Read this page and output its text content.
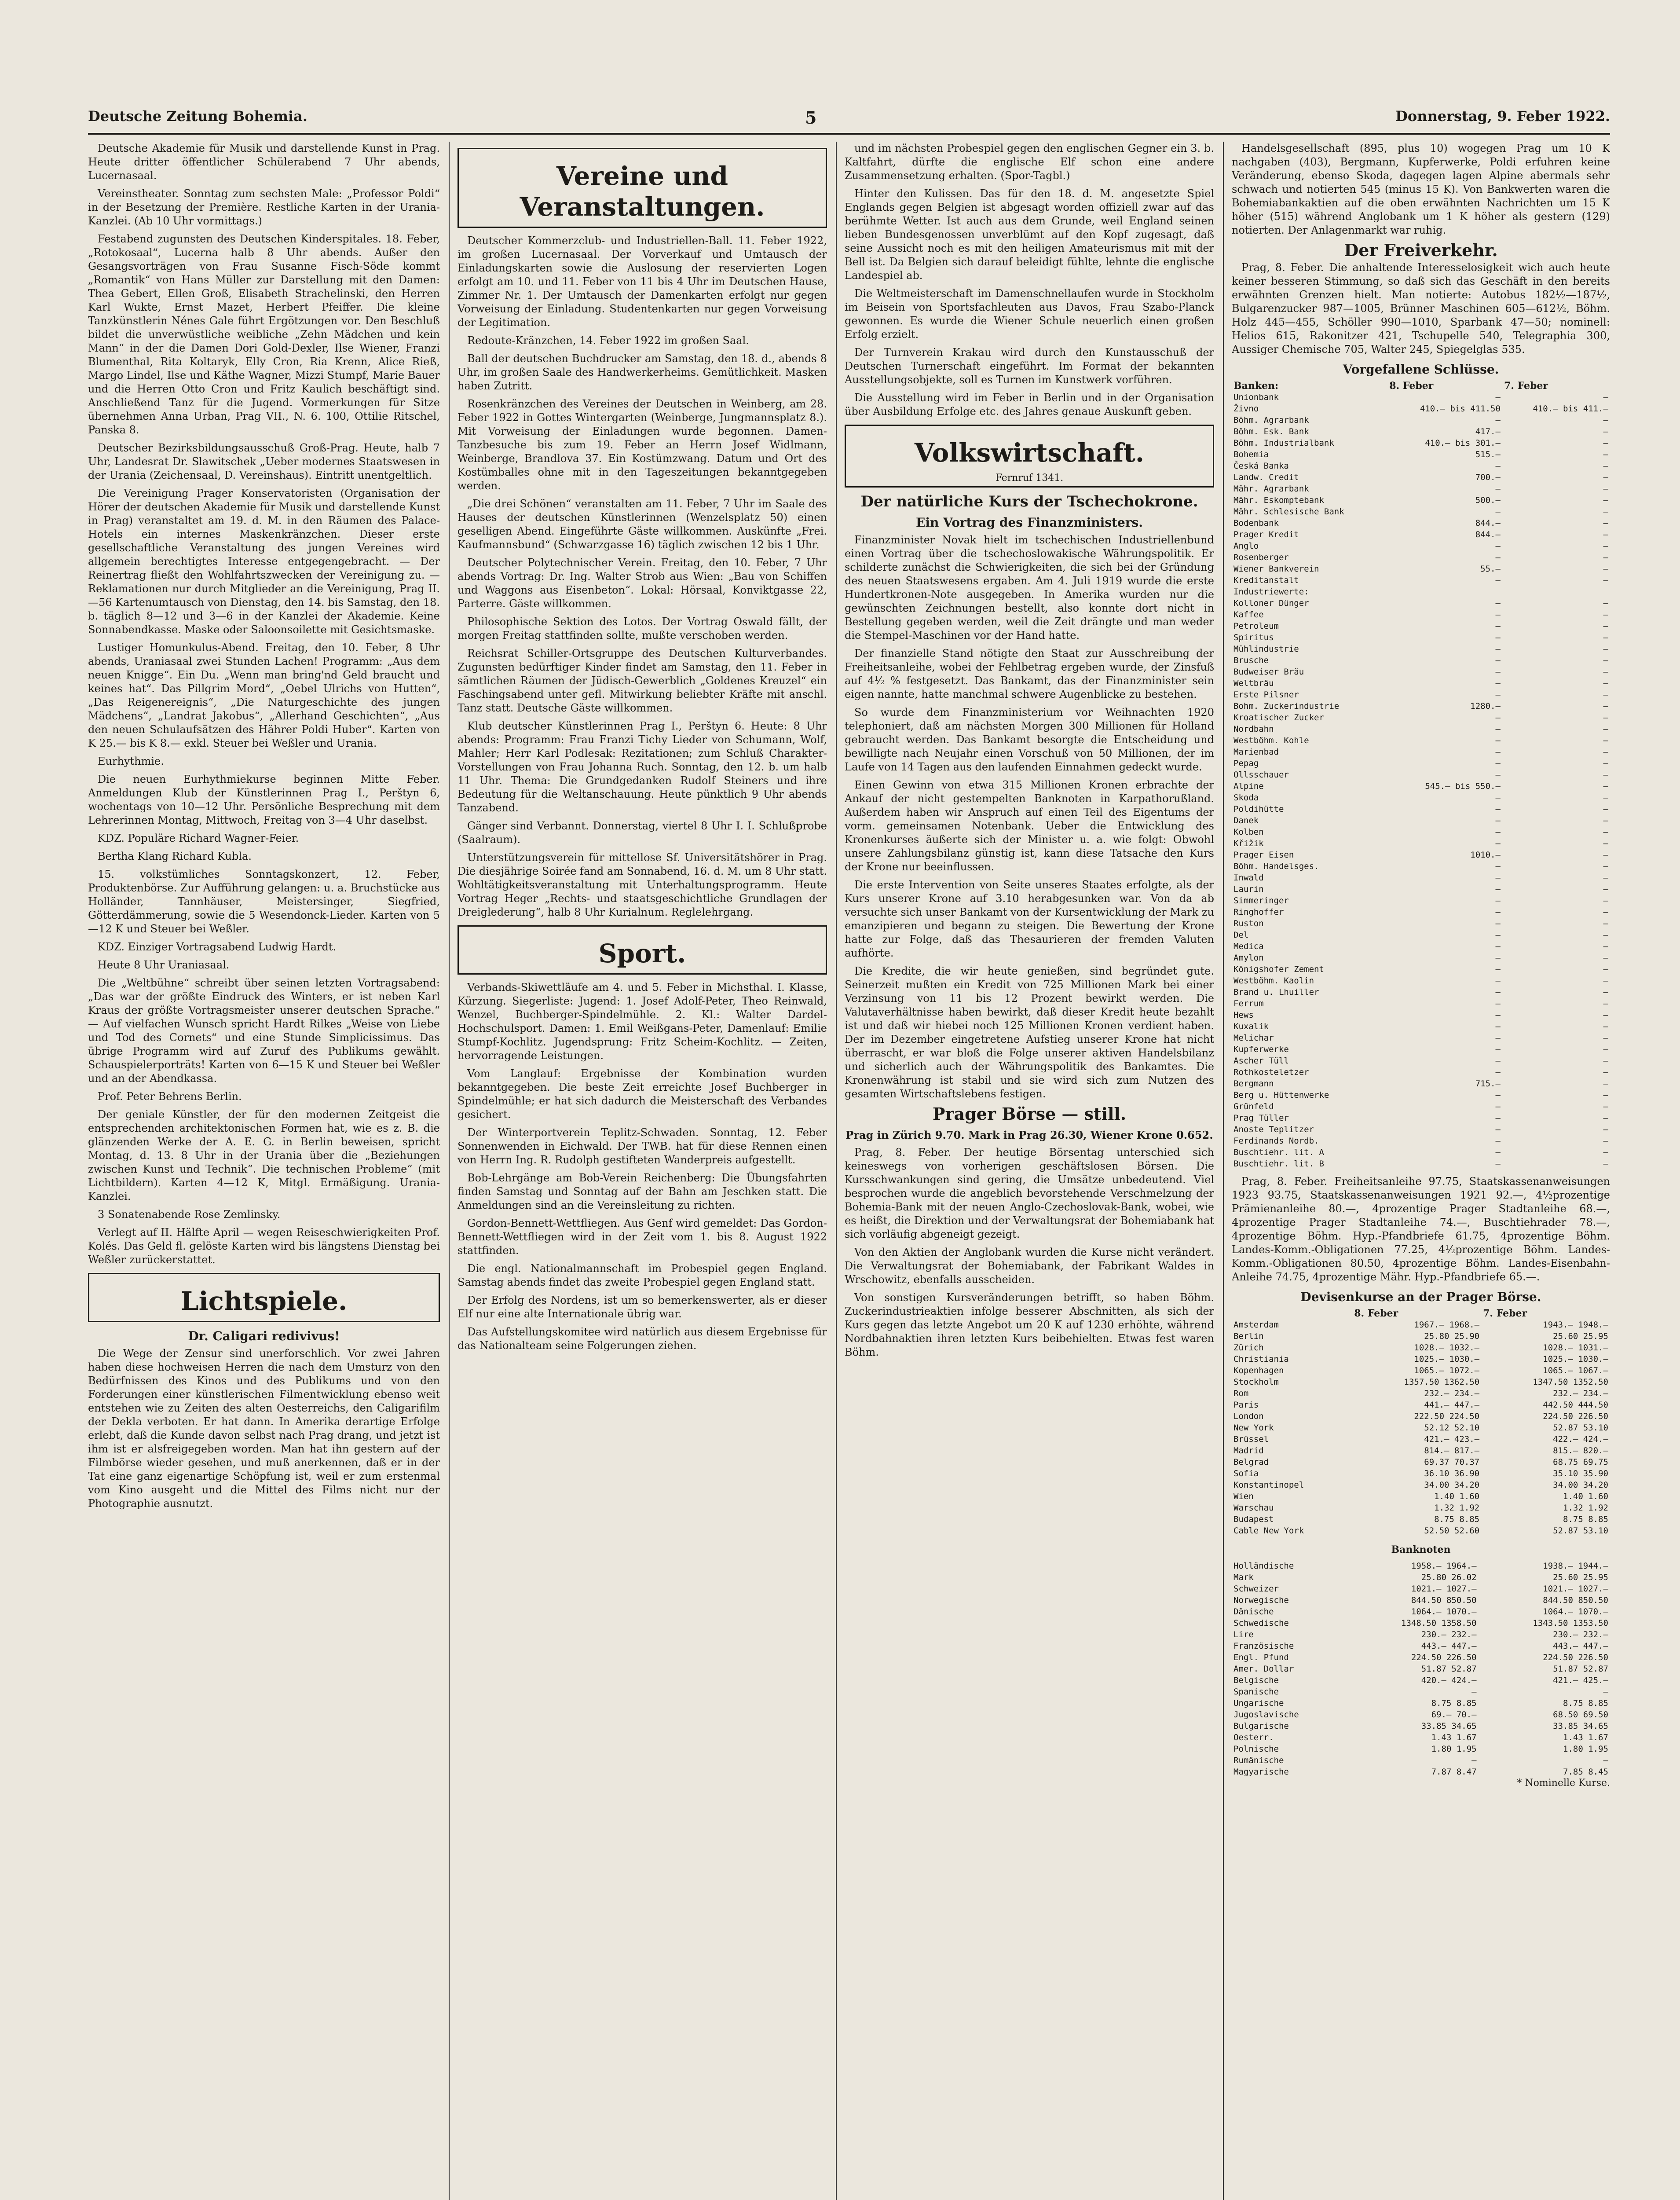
Deutsche Zeitung Bohemia.	5	Donnerstag, 9. Feber 1922.

Deutsche Akademie für Musik und darstellende Kunst in Prag. Heute dritter öffentlicher Schülerabend 7 Uhr abends, Lucernasaal.

Vereinstheater. Sonntag zum sechsten Male: „Professor Poldi“ in der Besetzung der Première. Restliche Karten in der Urania-Kanzlei. (Ab 10 Uhr vormittags.)

Festabend zugunsten des Deutschen Kinderspitales. 18. Feber, „Rotokosaal“, Lucerna halb 8 Uhr abends. Außer den Gesangsvorträgen von Frau Susanne Fisch-Söde kommt „Romantik“ von Hans Müller zur Darstellung mit den Damen: Thea Gebert, Ellen Groß, Elisabeth Strachelinski, den Herren Karl Wukte, Ernst Mazet, Herbert Pfeiffer. Die kleine Tanzkünstlerin Nénes Gale führt Ergötzungen vor. Den Beschluß bildet die unverwüstliche weibliche „Zehn Mädchen und kein Mann“ in der die Damen Dori Gold-Dexler, Ilse Wiener, Franzi Blumenthal, Rita Koltaryk, Elly Cron, Ria Krenn, Alice Rieß, Margo Lindel, Ilse und Käthe Wagner, Mizzi Stumpf, Marie Bauer und die Herren Otto Cron und Fritz Kaulich beschäftigt sind. Anschließend Tanz für die Jugend. Vormerkungen für Sitze übernehmen Anna Urban, Prag VII., N. 6. 100, Ottilie Ritschel, Panska 8.

Deutscher Bezirksbildungsausschuß Groß-Prag. Heute, halb 7 Uhr, Landesrat Dr. Slawitschek „Ueber modernes Staatswesen in der Urania (Zeichensaal, D. Vereinshaus). Eintritt unentgeltlich.

Die Vereinigung Prager Konservatoristen (Organisation der Hörer der deutschen Akademie für Musik und darstellende Kunst in Prag) veranstaltet am 19. d. M. in den Räumen des Palace-Hotels ein internes Maskenkränzchen. Dieser erste gesellschaftliche Veranstaltung des jungen Vereines wird allgemein berechtigtes Interesse entgegengebracht. — Der Reinertrag fließt den Wohlfahrtszwecken der Vereinigung zu. — Reklamationen nur durch Mitglieder an die Vereinigung, Prag II.—56 Kartenumtausch von Dienstag, den 14. bis Samstag, den 18. b. täglich 8—12 und 3—6 in der Kanzlei der Akademie. Keine Sonnabendkasse. Maske oder Saloonsoilette mit Gesichtsmaske.

Lustiger Homunkulus-Abend. Freitag, den 10. Feber, 8 Uhr abends, Uraniasaal zwei Stunden Lachen! Programm: „Aus dem neuen Knigge“. Ein Du. „Wenn man bring'nd Geld braucht und keines hat“. Das Pillgrim Mord“, „Oebel Ulrichs von Hutten“, „Das Reigenereignis“, „Die Naturgeschichte des jungen Mädchens“, „Landrat Jakobus“, „Allerhand Geschichten“, „Aus den neuen Schulaufsätzen des Hährer Poldi Huber“. Karten von K 25.— bis K 8.— exkl. Steuer bei Weßler und Urania.

Eurhythmie.

Die neuen Eurhythmiekurse beginnen Mitte Feber. Anmeldungen Klub der Künstlerinnen Prag I., Perštyn 6, wochentags von 10—12 Uhr. Persönliche Besprechung mit dem Lehrerinnen Montag, Mittwoch, Freitag von 3—4 Uhr daselbst.

KDZ. Populäre Richard Wagner-Feier.

Bertha Klang Richard Kubla.

15. volkstümliches Sonntagskonzert, 12. Feber, Produktenbörse. Zur Aufführung gelangen: u. a. Bruchstücke aus Holländer, Tannhäuser, Meistersinger, Siegfried, Götterdämmerung, sowie die 5 Wesendonck-Lieder. Karten von 5—12 K und Steuer bei Weßler.

KDZ. Einziger Vortragsabend Ludwig Hardt.

Heute 8 Uhr Uraniasaal.

Die „Weltbühne“ schreibt über seinen letzten Vortragsabend: „Das war der größte Eindruck des Winters, er ist neben Karl Kraus der größte Vortragsmeister unserer deutschen Sprache.“ — Auf vielfachen Wunsch spricht Hardt Rilkes „Weise von Liebe und Tod des Cornets“ und eine Stunde Simplicissimus. Das übrige Programm wird auf Zuruf des Publikums gewählt. Schauspielerporträts! Karten von 6—15 K und Steuer bei Weßler und an der Abendkassa.

Prof. Peter Behrens Berlin.

Der geniale Künstler, der für den modernen Zeitgeist die entsprechenden architektonischen Formen hat, wie es z. B. die glänzenden Werke der A. E. G. in Berlin beweisen, spricht Montag, d. 13. 8 Uhr in der Urania über die „Beziehungen zwischen Kunst und Technik“. Die technischen Probleme“ (mit Lichtbildern). Karten 4—12 K, Mitgl. Ermäßigung. Urania-Kanzlei.

3 Sonatenabende Rose Zemlinsky.

Verlegt auf II. Hälfte April — wegen Reiseschwierigkeiten Prof. Kolés. Das Geld fl. gelöste Karten wird bis längstens Dienstag bei Weßler zurückerstattet.

Lichtspiele.
Dr. Caligari redivivus!

Die Wege der Zensur sind unerforschlich. Vor zwei Jahren haben diese hochweisen Herren die nach dem Umsturz von den Bedürfnissen des Kinos und des Publikums und von den Forderungen einer künstlerischen Filmentwicklung ebenso weit entstehen wie zu Zeiten des alten Oesterreichs, den Caligarifilm der Dekla verboten. Er hat dann. In Amerika derartige Erfolge erlebt, daß die Kunde davon selbst nach Prag drang, und jetzt ist ihm ist er alsfreigegeben worden. Man hat ihn gestern auf der Filmbörse wieder gesehen, und muß anerkennen, daß er in der Tat eine ganz eigenartige Schöpfung ist, weil er zum erstenmal vom Kino ausgeht und die Mittel des Films nicht nur der Photographie ausnutzt.

Vereine und Veranstaltungen.

Deutscher Kommerzclub- und Industriellen-Ball. 11. Feber 1922, im großen Lucernasaal. Der Vorverkauf und Umtausch der Einladungskarten sowie die Auslosung der reservierten Logen erfolgt am 10. und 11. Feber von 11 bis 4 Uhr im Deutschen Hause, Zimmer Nr. 1. Der Umtausch der Damenkarten erfolgt nur gegen Vorweisung der Einladung. Studentenkarten nur gegen Vorweisung der Legitimation.

Redoute-Kränzchen, 14. Feber 1922 im großen Saal.

Ball der deutschen Buchdrucker am Samstag, den 18. d., abends 8 Uhr, im großen Saale des Handwerkerheims. Gemütlichkeit. Masken haben Zutritt.

Rosenkränzchen des Vereines der Deutschen in Weinberg, am 28. Feber 1922 in Gottes Wintergarten (Weinberge, Jungmannsplatz 8.). Mit Vorweisung der Einladungen wurde begonnen. Damen-Tanzbesuche bis zum 19. Feber an Herrn Josef Widlmann, Weinberge, Brandlova 37. Ein Kostümzwang. Datum und Ort des Kostümballes ohne mit in den Tageszeitungen bekanntgegeben werden.

„Die drei Schönen“ veranstalten am 11. Feber, 7 Uhr im Saale des Hauses der deutschen Künstlerinnen (Wenzelsplatz 50) einen geselligen Abend. Eingeführte Gäste willkommen. Auskünfte „Frei. Kaufmannsbund“ (Schwarzgasse 16) täglich zwischen 12 bis 1 Uhr.

Deutscher Polytechnischer Verein. Freitag, den 10. Feber, 7 Uhr abends Vortrag: Dr. Ing. Walter Strob aus Wien: „Bau von Schiffen und Waggons aus Eisenbeton“. Lokal: Hörsaal, Konviktgasse 22, Parterre. Gäste willkommen.

Philosophische Sektion des Lotos. Der Vortrag Oswald fällt, der morgen Freitag stattfinden sollte, mußte verschoben werden.

Reichsrat Schiller-Ortsgruppe des Deutschen Kulturverbandes. Zugunsten bedürftiger Kinder findet am Samstag, den 11. Feber in sämtlichen Räumen der Jüdisch-Gewerblich „Goldenes Kreuzel“ ein Faschingsabend unter gefl. Mitwirkung beliebter Kräfte mit anschl. Tanz statt. Deutsche Gäste willkommen.

Klub deutscher Künstlerinnen Prag I., Perštyn 6. Heute: 8 Uhr abends: Programm: Frau Franzi Tichy Lieder von Schumann, Wolf, Mahler; Herr Karl Podlesak: Rezitationen; zum Schluß Charakter-Vorstellungen von Frau Johanna Ruch. Sonntag, den 12. b. um halb 11 Uhr. Thema: Die Grundgedanken Rudolf Steiners und ihre Bedeutung für die Weltanschauung. Heute pünktlich 9 Uhr abends Tanzabend.

Gänger sind Verbannt. Donnerstag, viertel 8 Uhr I. I. Schlußprobe (Saalraum).

Unterstützungsverein für mittellose Sf. Universitätshörer in Prag. Die diesjährige Soirée fand am Sonnabend, 16. d. M. um 8 Uhr statt. Wohltätigkeitsveranstaltung mit Unterhaltungsprogramm. Heute Vortrag Heger „Rechts- und staatsgeschichtliche Grundlagen der Dreiglederung“, halb 8 Uhr Kurialnum. Reglelehrgang.

Sport.

Verbands-Skiwettläufe am 4. und 5. Feber in Michsthal. I. Klasse, Kürzung. Siegerliste: Jugend: 1. Josef Adolf-Peter, Theo Reinwald, Wenzel, Buchberger-Spindelmühle. 2. Kl.: Walter Dardel-Hochschulsport. Damen: 1. Emil Weißgans-Peter, Damenlauf: Emilie Stumpf-Kochlitz. Jugendsprung: Fritz Scheim-Kochlitz. — Zeiten, hervorragende Leistungen.

Vom Langlauf: Ergebnisse der Kombination wurden bekanntgegeben. Die beste Zeit erreichte Josef Buchberger in Spindelmühle; er hat sich dadurch die Meisterschaft des Verbandes gesichert.

Der Winterportverein Teplitz-Schwaden. Sonntag, 12. Feber Sonnenwenden in Eichwald. Der TWB. hat für diese Rennen einen von Herrn Ing. R. Rudolph gestifteten Wanderpreis aufgestellt.

Bob-Lehrgänge am Bob-Verein Reichenberg: Die Übungsfahrten finden Samstag und Sonntag auf der Bahn am Jeschken statt. Die Anmeldungen sind an die Vereinsleitung zu richten.

Gordon-Bennett-Wettfliegen. Aus Genf wird gemeldet: Das Gordon-Bennett-Wettfliegen wird in der Zeit vom 1. bis 8. August 1922 stattfinden.

Die engl. Nationalmannschaft im Probespiel gegen England. Samstag abends findet das zweite Probespiel gegen England statt.

Der Erfolg des Nordens, ist um so bemerkenswerter, als er dieser Elf nur eine alte Internationale übrig war.

Das Aufstellungskomitee wird natürlich aus diesem Ergebnisse für das Nationalteam seine Folgerungen ziehen.

und im nächsten Probespiel gegen den englischen Gegner ein 3. b. Kaltfahrt, dürfte die englische Elf schon eine andere Zusammensetzung erhalten. (Spor-Tagbl.)

Hinter den Kulissen. Das für den 18. d. M. angesetzte Spiel Englands gegen Belgien ist abgesagt worden offiziell zwar auf das berühmte Wetter. Ist auch aus dem Grunde, weil England seinen lieben Bundesgenossen unverblümt auf den Kopf zugesagt, daß seine Aussicht noch es mit den heiligen Amateurismus mit mit der Bell ist. Da Belgien sich darauf beleidigt fühlte, lehnte die englische Landespiel ab.

Die Weltmeisterschaft im Damenschnellaufen wurde in Stockholm im Beisein von Sportsfachleuten aus Davos, Frau Szabo-Planck gewonnen. Es wurde die Wiener Schule neuerlich einen großen Erfolg erzielt.

Der Turnverein Krakau wird durch den Kunstausschuß der Deutschen Turnerschaft eingeführt. Im Format der bekannten Ausstellungsobjekte, soll es Turnen im Kunstwerk vorführen.

Die Ausstellung wird im Feber in Berlin und in der Organisation über Ausbildung Erfolge etc. des Jahres genaue Auskunft geben.

Volkswirtschaft.
Fernruf 1341.
Der natürliche Kurs der Tschechokrone.
Ein Vortrag des Finanzministers.

Finanzminister Novak hielt im tschechischen Industriellenbund einen Vortrag über die tschechoslowakische Währungspolitik. Er schilderte zunächst die Schwierigkeiten, die sich bei der Gründung des neuen Staatswesens ergaben. Am 4. Juli 1919 wurde die erste Hundertkronen-Note ausgegeben. In Amerika wurden nur die gewünschten Zeichnungen bestellt, also konnte dort nicht in Bestellung gegeben werden, weil die Zeit drängte und man weder die Stempel-Maschinen vor der Hand hatte.

Der finanzielle Stand nötigte den Staat zur Ausschreibung der Freiheitsanleihe, wobei der Fehlbetrag ergeben wurde, der Zinsfuß auf 4½ % festgesetzt. Das Bankamt, das der Finanzminister sein eigen nannte, hatte manchmal schwere Augenblicke zu bestehen.

So wurde dem Finanzministerium vor Weihnachten 1920 telephoniert, daß am nächsten Morgen 300 Millionen für Holland gebraucht werden. Das Bankamt besorgte die Entscheidung und bewilligte nach Neujahr einen Vorschuß von 50 Millionen, der im Laufe von 14 Tagen aus den laufenden Einnahmen gedeckt wurde.

Einen Gewinn von etwa 315 Millionen Kronen erbrachte der Ankauf der nicht gestempelten Banknoten in Karpathorußland. Außerdem haben wir Anspruch auf einen Teil des Eigentums der vorm. gemeinsamen Notenbank. Ueber die Entwicklung des Kronenkurses äußerte sich der Minister u. a. wie folgt: Obwohl unsere Zahlungsbilanz günstig ist, kann diese Tatsache den Kurs der Krone nur beeinflussen.

Die erste Intervention von Seite unseres Staates erfolgte, als der Kurs unserer Krone auf 3.10 herabgesunken war. Von da ab versuchte sich unser Bankamt von der Kursentwicklung der Mark zu emanzipieren und begann zu steigen. Die Bewertung der Krone hatte zur Folge, daß das Thesaurieren der fremden Valuten aufhörte.

Die Kredite, die wir heute genießen, sind begründet gute. Seinerzeit mußten ein Kredit von 725 Millionen Mark bei einer Verzinsung von 11 bis 12 Prozent bewirkt werden. Die Valutaverhältnisse haben bewirkt, daß dieser Kredit heute bezahlt ist und daß wir hiebei noch 125 Millionen Kronen verdient haben. Der im Dezember eingetretene Aufstieg unserer Krone hat nicht überrascht, er war bloß die Folge unserer aktiven Handelsbilanz und sicherlich auch der Währungspolitik des Bankamtes. Die Kronenwährung ist stabil und sie wird sich zum Nutzen des gesamten Wirtschaftslebens festigen.

Prager Börse — still.
Prag in Zürich 9.70. Mark in Prag 26.30, Wiener Krone 0.652.

Prag, 8. Feber. Der heutige Börsentag unterschied sich keineswegs von vorherigen geschäftslosen Börsen. Die Kursschwankungen sind gering, die Umsätze unbedeutend. Viel besprochen wurde die angeblich bevorstehende Verschmelzung der Bohemia-Bank mit der neuen Anglo-Czechoslovak-Bank, wobei, wie es heißt, die Direktion und der Verwaltungsrat der Bohemiabank hat sich vorläufig abgeneigt gezeigt.

Von den Aktien der Anglobank wurden die Kurse nicht verändert. Die Verwaltungsrat der Bohemiabank, der Fabrikant Waldes in Wrschowitz, ebenfalls ausscheiden.

Von sonstigen Kursveränderungen betrifft, so haben Böhm. Zuckerindustrieaktien infolge besserer Abschnitten, als sich der Kurs gegen das letzte Angebot um 20 K auf 1230 erhöhte, während Nordbahnaktien ihren letzten Kurs beibehielten. Etwas fest waren Böhm.

Handelsgesellschaft (895, plus 10) wogegen Prag um 10 K nachgaben (403), Bergmann, Kupferwerke, Poldi erfuhren keine Veränderung, ebenso Skoda, dagegen lagen Alpine abermals sehr schwach und notierten 545 (minus 15 K). Von Bankwerten waren die Bohemiabankaktien auf die oben erwähnten Nachrichten um 15 K höher (515) während Anglobank um 1 K höher als gestern (129) notierten. Der Anlagenmarkt war ruhig.

Der Freiverkehr.

Prag, 8. Feber. Die anhaltende Interesselosigkeit wich auch heute keiner besseren Stimmung, so daß sich das Geschäft in den bereits erwähnten Grenzen hielt. Man notierte: Autobus 182½—187½, Bulgarenzucker 987—1005, Brünner Maschinen 605—612½, Böhm. Holz 445—455, Schöller 990—1010, Sparbank 47—50; nominell: Helios 615, Rakonitzer 421, Tschupelle 540, Telegraphia 300, Aussiger Chemische 705, Walter 245, Spiegelglas 535.

Vorgefallene Schlüsse.
Banken:	8. Feber	7. Feber
Unionbank	—	—
Živno	410.— bis 411.50	410.— bis 411.—
Böhm. Agrarbank	—	—
Böhm. Esk. Bank	417.—	—
Böhm. Industrialbank	410.— bis 301.—	—
Bohemia	515.—	—
Česká Banka	—	—
Landw. Credit	700.—	—
Mähr. Agrarbank	—	—
Mähr. Eskomptebank	500.—	—
Mähr. Schlesische Bank	—	—
Bodenbank	844.—	—
Prager Kredit	844.—	—
Anglo	—	—
Rosenberger	—	—
Wiener Bankverein	55.—	—
Kreditanstalt	—	—
Industriewerte:		
Kolloner Dünger	—	—
Kaffee	—	—
Petroleum	—	—
Spiritus	—	—
Mühlindustrie	—	—
Brusche	—	—
Budweiser Bräu	—	—
Weltbräu	—	—
Erste Pilsner	—	—
Bohm. Zuckerindustrie	1280.—	—
Kroatischer Zucker	—	—
Nordbahn	—	—
Westböhm. Kohle	—	—
Marienbad	—	—
Pepag	—	—
Ollsschauer	—	—
Alpine	545.— bis 550.—	—
Skoda	—	—
Poldihütte	—	—
Danek	—	—
Kolben	—	—
Křižik	—	—
Prager Eisen	1010.—	—
Böhm. Handelsges.	—	—
Inwald	—	—
Laurin	—	—
Simmeringer	—	—
Ringhoffer	—	—
Ruston	—	—
Del	—	—
Medica	—	—
Amylon	—	—
Königshofer Zement	—	—
Westböhm. Kaolin	—	—
Brand u. Lhuiller	—	—
Ferrum	—	—
Hews	—	—
Kuxalik	—	—
Melichar	—	—
Kupferwerke	—	—
Ascher Tüll	—	—
Rothkosteletzer	—	—
Bergmann	715.—	—
Berg u. Hüttenwerke	—	—
Grünfeld	—	—
Prag Tüller	—	—
Anoste Teplitzer	—	—
Ferdinands Nordb.	—	—
Buschtiehr. lit. A	—	—
Buschtiehr. lit. B	—	—

Prag, 8. Feber. Freiheitsanleihe 97.75, Staatskassenanweisungen 1923 93.75, Staatskassenanweisungen 1921 92.—, 4½prozentige Prämienanleihe 80.—, 4prozentige Prager Stadtanleihe 68.—, 4prozentige Prager Stadtanleihe 74.—, Buschtiehrader 78.—, 4prozentige Böhm. Hyp.-Pfandbriefe 61.75, 4prozentige Böhm. Landes-Komm.-Obligationen 77.25, 4½prozentige Böhm. Landes-Komm.-Obligationen 80.50, 4prozentige Böhm. Landes-Eisenbahn-Anleihe 74.75, 4prozentige Mähr. Hyp.-Pfandbriefe 65.—.

Devisenkurse an der Prager Börse.
	8. Feber	7. Feber
Amsterdam	1967.— 1968.—	1943.— 1948.—
Berlin	25.80 25.90	25.60 25.95
Zürich	1028.— 1032.—	1028.— 1031.—
Christiania	1025.— 1030.—	1025.— 1030.—
Kopenhagen	1065.— 1072.—	1065.— 1067.—
Stockholm	1357.50 1362.50	1347.50 1352.50
Rom	232.— 234.—	232.— 234.—
Paris	441.— 447.—	442.50 444.50
London	222.50 224.50	224.50 226.50
New York	52.12 52.10	52.87 53.10
Brüssel	421.— 423.—	422.— 424.—
Madrid	814.— 817.—	815.— 820.—
Belgrad	69.37 70.37	68.75 69.75
Sofia	36.10 36.90	35.10 35.90
Konstantinopel	34.00 34.20	34.00 34.20
Wien	1.40 1.60	1.40 1.60
Warschau	1.32 1.92	1.32 1.92
Budapest	8.75 8.85	8.75 8.85
Cable New York	52.50 52.60	52.87 53.10
Banknoten
Holländische	1958.— 1964.—	1938.— 1944.—
Mark	25.80 26.02	25.60 25.95
Schweizer	1021.— 1027.—	1021.— 1027.—
Norwegische	844.50 850.50	844.50 850.50
Dänische	1064.— 1070.—	1064.— 1070.—
Schwedische	1348.50 1358.50	1343.50 1353.50
Lire	230.— 232.—	230.— 232.—
Französische	443.— 447.—	443.— 447.—
Engl. Pfund	224.50 226.50	224.50 226.50
Amer. Dollar	51.87 52.87	51.87 52.87
Belgische	420.— 424.—	421.— 425.—
Spanische	—	—
Ungarische	8.75 8.85	8.75 8.85
Jugoslavische	69.— 70.—	68.50 69.50
Bulgarische	33.85 34.65	33.85 34.65
Oesterr.	1.43 1.67	1.43 1.67
Polnische	1.80 1.95	1.80 1.95
Rumänische	—	—
Magyarische	7.87 8.47	7.85 8.45
* Nominelle Kurse.
